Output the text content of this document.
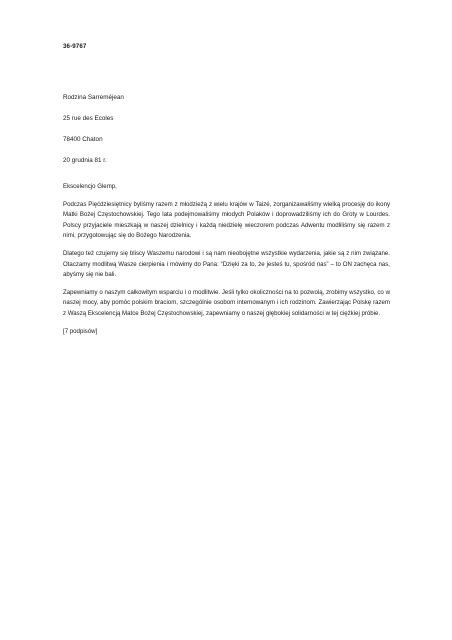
36-9767
Rodzina Sarreméjean
25 rue des Ecoles
78400 Chaton
20 grudnia 81 r.

Ekscelencjo Glemp,

Podczas Pięćdziesiętnicy byliśmy razem z młodzieżą z wielu krajów w Taizé, zorganizawaliśmy wielką procesję do ikony Matki Bożej Częstochowskiej. Tego lata podejmowaliśmy młodych Polaków i doprowadziliśmy ich do Groty w Lourdes. Polscy przyjaciele mieszkają w naszej dzielnicy i każdą niedzielę wieczorem podczas Adwentu modliliśmy się razem z nimi, przygotowując się do Bożego Narodzenia.

Dlatego też czujemy się bliscy Waszemu narodowi i są nam nieobojętne wszystkie wydarzenia, jakie są z nim związane. Otaczamy modlitwą Wasze cierpienia i mówimy do Pana: “Dzięki za to, że jesteś tu, spośród nas” – to ON zachęca nas, abyśmy się nie bali.

Zapewniamy o naszym całkowitym wsparciu i o modlitwie. Jeśli tylko okoliczności na to pozwolą, zrobimy wszystko, co w naszej mocy, aby pomóc polskim braciom, szczególnie osobom internowanym i ich rodzinom. Zawierzając Polskę razem z Waszą Ekscelencją Matce Bożej Częstochowskiej, zapewniamy o naszej głębokiej solidarności w tej ciężkiej próbie.

[7 podpisów]
